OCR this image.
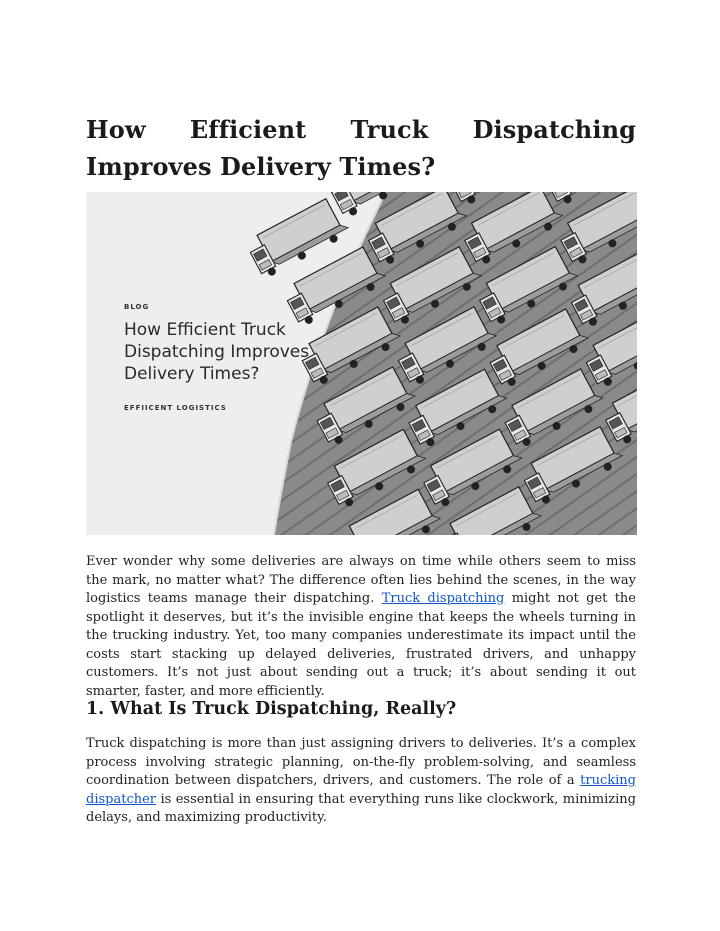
How Efficient Truck Dispatching
Improves Delivery Times?
BLOG
How Efficient Truck Dispatching Improves Delivery Times?
EFFIICENT LOGISTICS

Ever wonder why some deliveries are always on time while others seem to miss the mark, no matter what? The difference often lies behind the scenes, in the way logistics teams manage their dispatching. Truck dispatching might not get the spotlight it deserves, but it’s the invisible engine that keeps the wheels turning in the trucking industry. Yet, too many companies underestimate its impact until the costs start stacking up delayed deliveries, frustrated drivers, and unhappy customers. It’s not just about sending out a truck; it’s about sending it out smarter, faster, and more efficiently.

1. What Is Truck Dispatching, Really?

Truck dispatching is more than just assigning drivers to deliveries. It’s a complex process involving strategic planning, on-the-fly problem-solving, and seamless coordination between dispatchers, drivers, and customers. The role of a trucking dispatcher is essential in ensuring that everything runs like clockwork, minimizing delays, and maximizing productivity.
